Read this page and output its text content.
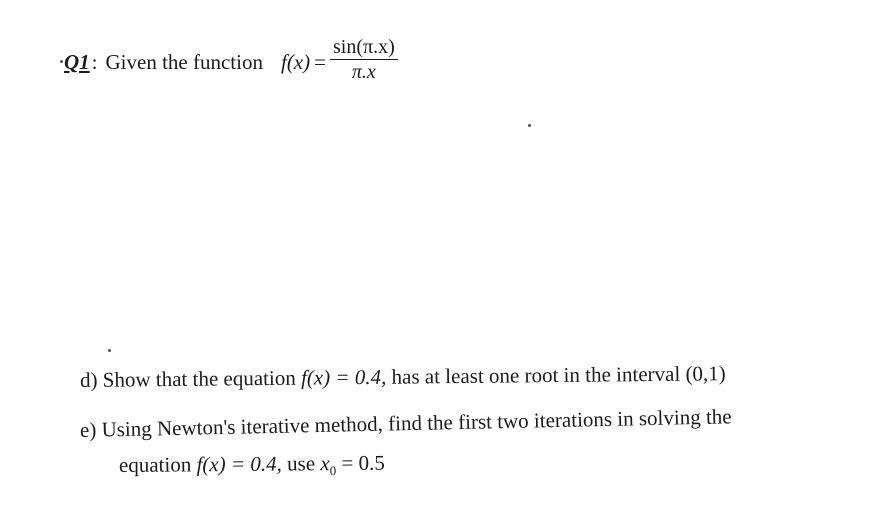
Q1 : Given the function $f(x) = \frac{\sin(\pi.x)}{\pi.x}$
d) Show that the equation f(x) = 0.4, has at least one root in the interval (0,1)
e) Using Newton's iterative method, find the first two iterations in solving the
equation f(x) = 0.4, use $x_0 = 0.5$
